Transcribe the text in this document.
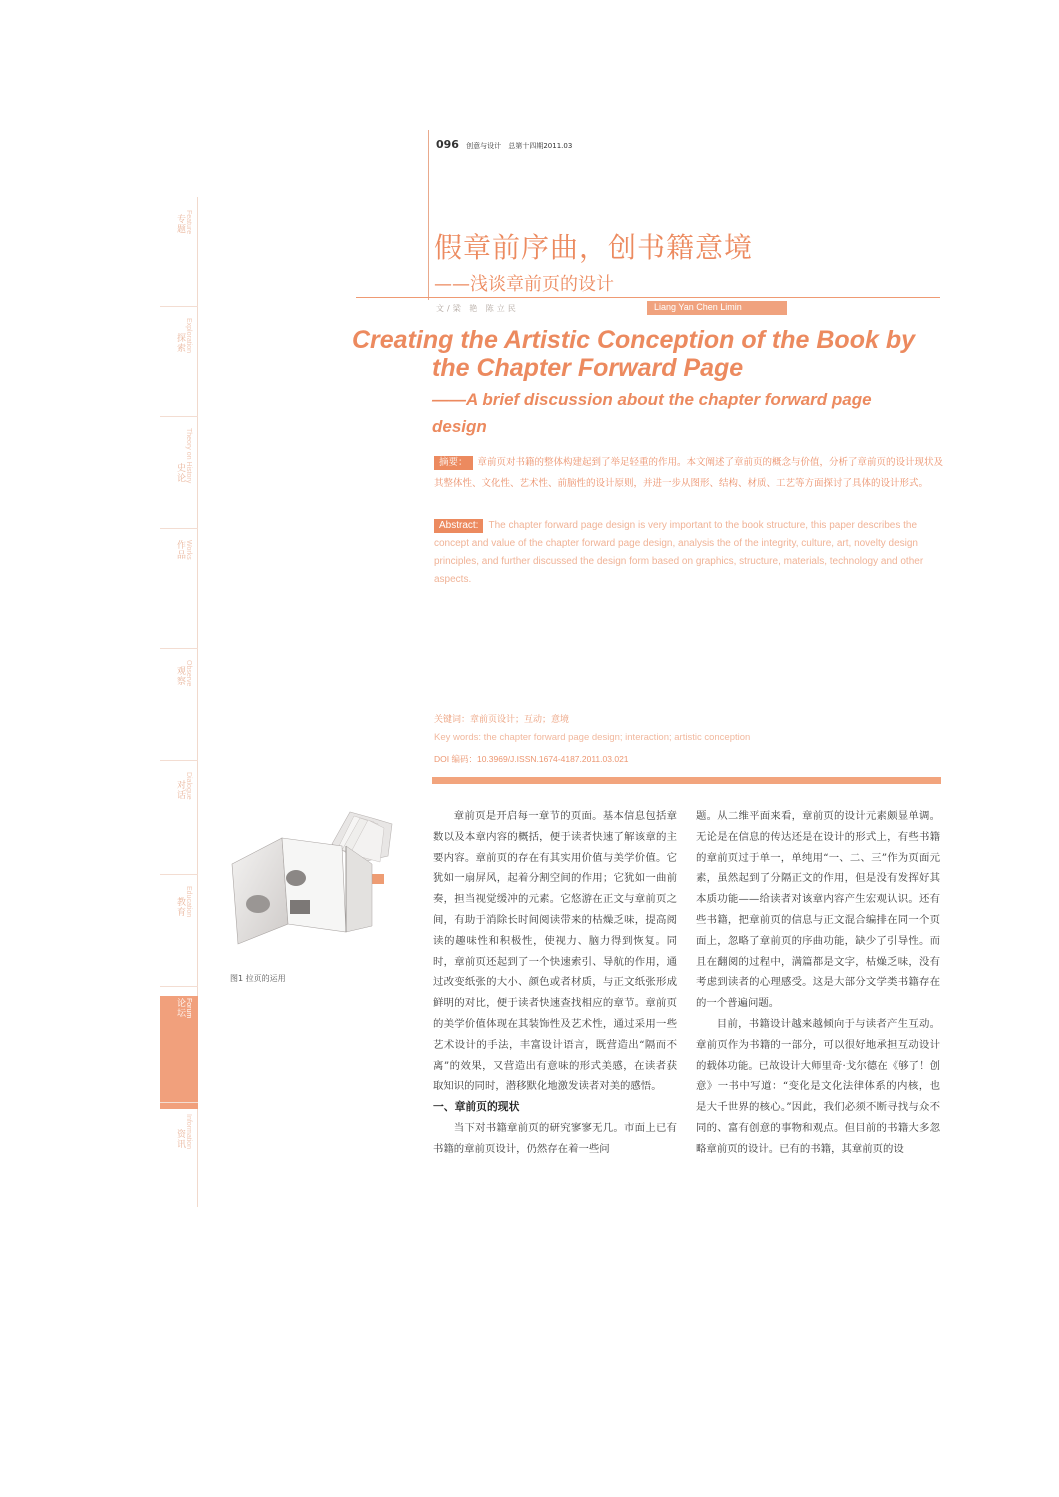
096 创意与设计 总第十四期2011.03
假章前序曲，创书籍意境
——浅谈章前页的设计
文/梁 艳 陈立民	Liang Yan Chen Limin
Creating the Artistic Conception of the Book by
the Chapter Forward Page
——A brief discussion about the chapter forward page design
摘要： 章前页对书籍的整体构建起到了举足轻重的作用。本文阐述了章前页的概念与价值，分析了章前页的设计现状及其整体性、文化性、艺术性、前脑性的设计原则，并进一步从图形、结构、材质、工艺等方面探讨了具体的设计形式。
Abstract: The chapter forward page design is very important to the book structure, this paper describes the concept and value of the chapter forward page design, analysis the of the integrity, culture, art, novelty design principles, and further discussed the design form based on graphics, structure, materials, technology and other aspects.
关键词：章前页设计；互动；意境
Key words: the chapter forward page design; interaction; artistic conception
DOI 编码：10.3969/J.ISSN.1674-4187.2011.03.021
专题Feature
探索Exploration
史论Theory on History
作品Works
观察Observe
对话Dialogue
教育Education
论坛Forum
资讯Information
图1 拉页的运用

章前页是开启每一章节的页面。基本信息包括章数以及本章内容的概括，便于读者快速了解该章的主要内容。章前页的存在有其实用价值与美学价值。它犹如一扇屏风，起着分割空间的作用；它犹如一曲前奏，担当视觉缓冲的元素。它悠游在正文与章前页之间，有助于消除长时间阅读带来的枯燥乏味，提高阅读的趣味性和积极性，使视力、脑力得到恢复。同时，章前页还起到了一个快速索引、导航的作用，通过改变纸张的大小、颜色或者材质，与正文纸张形成鲜明的对比，便于读者快速查找相应的章节。章前页的美学价值体现在其装饰性及艺术性，通过采用一些艺术设计的手法，丰富设计语言，既营造出“隔而不离”的效果，又营造出有意味的形式美感，在读者获取知识的同时，潜移默化地激发读者对美的感悟。

一、章前页的现状

当下对书籍章前页的研究寥寥无几。市面上已有书籍的章前页设计，仍然存在着一些问

题。从二维平面来看，章前页的设计元素颇显单调。无论是在信息的传达还是在设计的形式上，有些书籍的章前页过于单一，单纯用“一、二、三”作为页面元素，虽然起到了分隔正文的作用，但是没有发挥好其本质功能——给读者对该章内容产生宏观认识。还有些书籍，把章前页的信息与正文混合编排在同一个页面上，忽略了章前页的序曲功能，缺少了引导性。而且在翻阅的过程中，满篇都是文字，枯燥乏味，没有考虑到读者的心理感受。这是大部分文学类书籍存在的一个普遍问题。

目前，书籍设计越来越倾向于与读者产生互动。章前页作为书籍的一部分，可以很好地承担互动设计的载体功能。已故设计大师里奇·戈尔德在《够了！创意》一书中写道：“变化是文化法律体系的内核，也是大千世界的核心。”因此，我们必须不断寻找与众不同的、富有创意的事物和观点。但目前的书籍大多忽略章前页的设计。已有的书籍，其章前页的设
